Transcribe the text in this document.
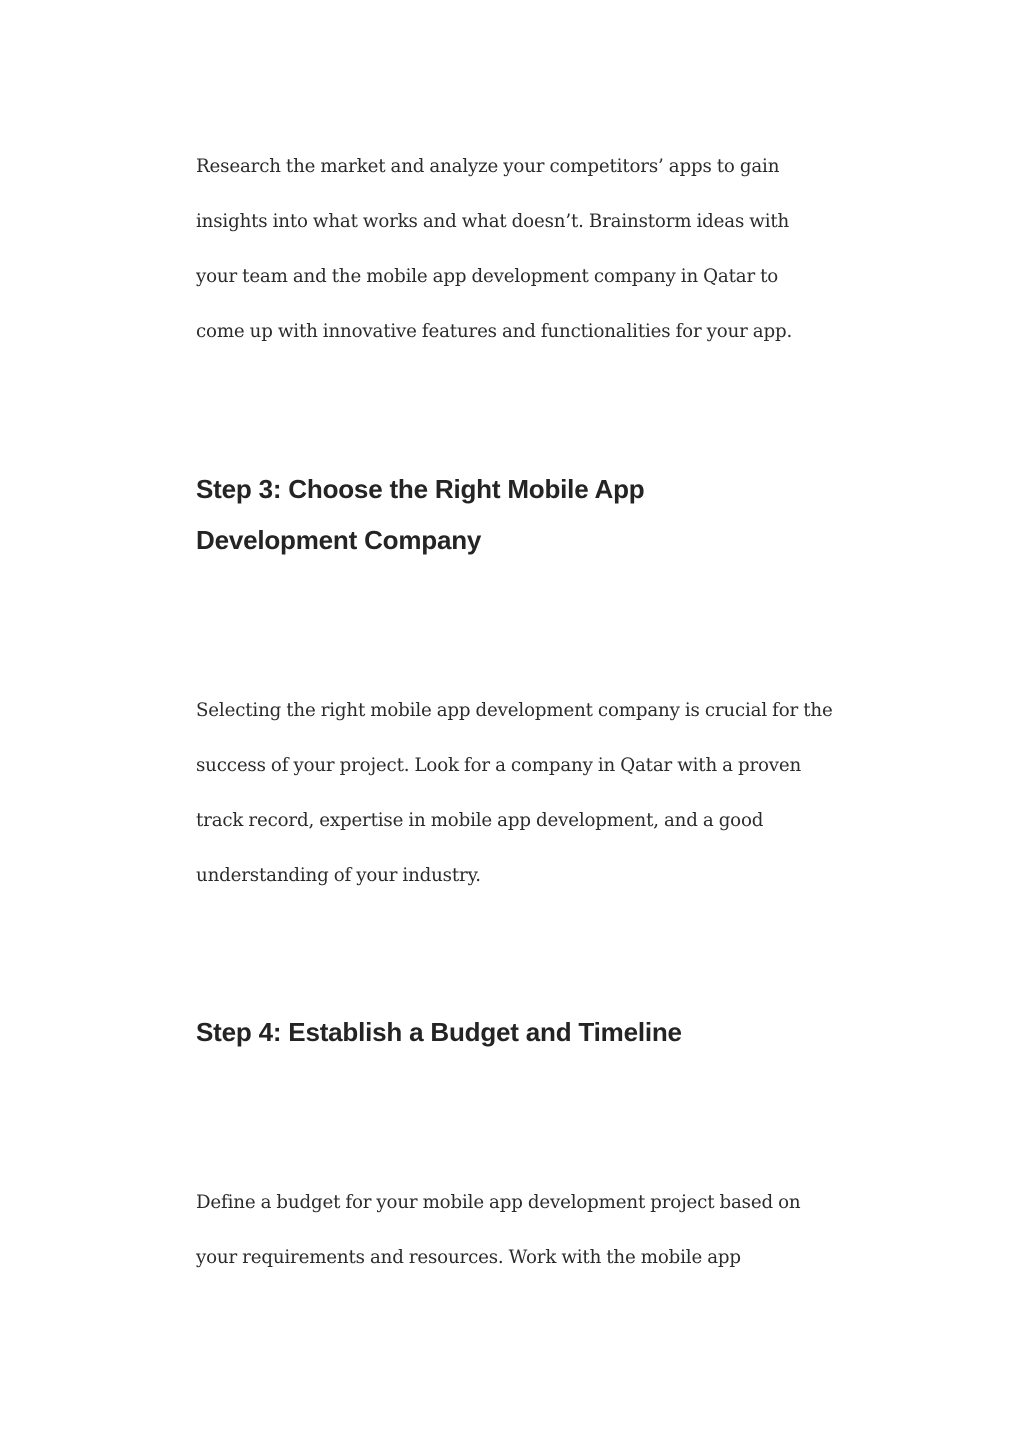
Research the market and analyze your competitors’ apps to gain

insights into what works and what doesn’t. Brainstorm ideas with

your team and the mobile app development company in Qatar to

come up with innovative features and functionalities for your app.

Step 3: Choose the Right Mobile App
Development Company

Selecting the right mobile app development company is crucial for the

success of your project. Look for a company in Qatar with a proven

track record, expertise in mobile app development, and a good

understanding of your industry.

Step 4: Establish a Budget and Timeline

Define a budget for your mobile app development project based on

your requirements and resources. Work with the mobile app
